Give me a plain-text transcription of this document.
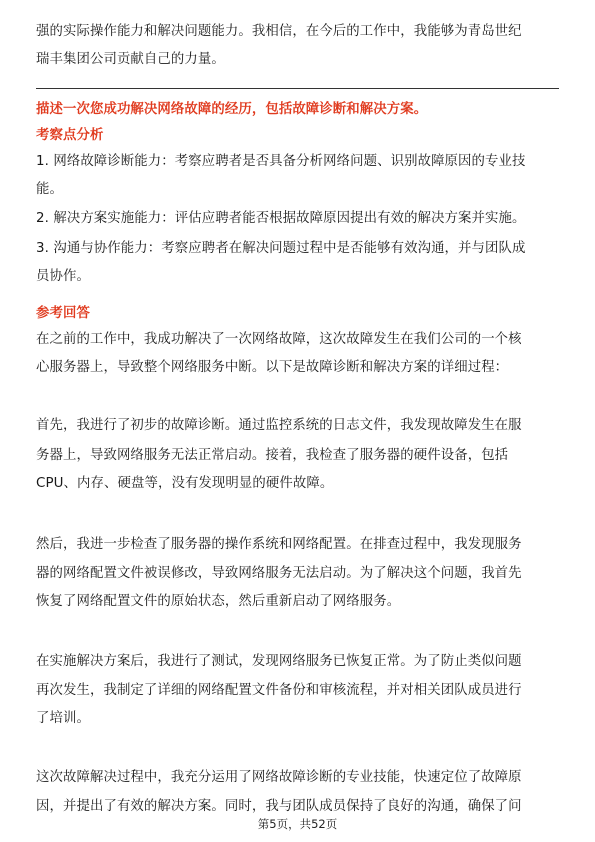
强的实际操作能力和解决问题能力。我相信，在今后的工作中，我能够为青岛世纪
瑞丰集团公司贡献自己的力量。
描述一次您成功解决网络故障的经历，包括故障诊断和解决方案。
考察点分析
1. 网络故障诊断能力：考察应聘者是否具备分析网络问题、识别故障原因的专业技
能。
2. 解决方案实施能力：评估应聘者能否根据故障原因提出有效的解决方案并实施。
3. 沟通与协作能力：考察应聘者在解决问题过程中是否能够有效沟通，并与团队成
员协作。
参考回答
在之前的工作中，我成功解决了一次网络故障，这次故障发生在我们公司的一个核
心服务器上，导致整个网络服务中断。以下是故障诊断和解决方案的详细过程：
首先，我进行了初步的故障诊断。通过监控系统的日志文件，我发现故障发生在服
务器上，导致网络服务无法正常启动。接着，我检查了服务器的硬件设备，包括
CPU、内存、硬盘等，没有发现明显的硬件故障。
然后，我进一步检查了服务器的操作系统和网络配置。在排查过程中，我发现服务
器的网络配置文件被误修改，导致网络服务无法启动。为了解决这个问题，我首先
恢复了网络配置文件的原始状态，然后重新启动了网络服务。
在实施解决方案后，我进行了测试，发现网络服务已恢复正常。为了防止类似问题
再次发生，我制定了详细的网络配置文件备份和审核流程，并对相关团队成员进行
了培训。
这次故障解决过程中，我充分运用了网络故障诊断的专业技能，快速定位了故障原
因，并提出了有效的解决方案。同时，我与团队成员保持了良好的沟通，确保了问
第5页，共52页
